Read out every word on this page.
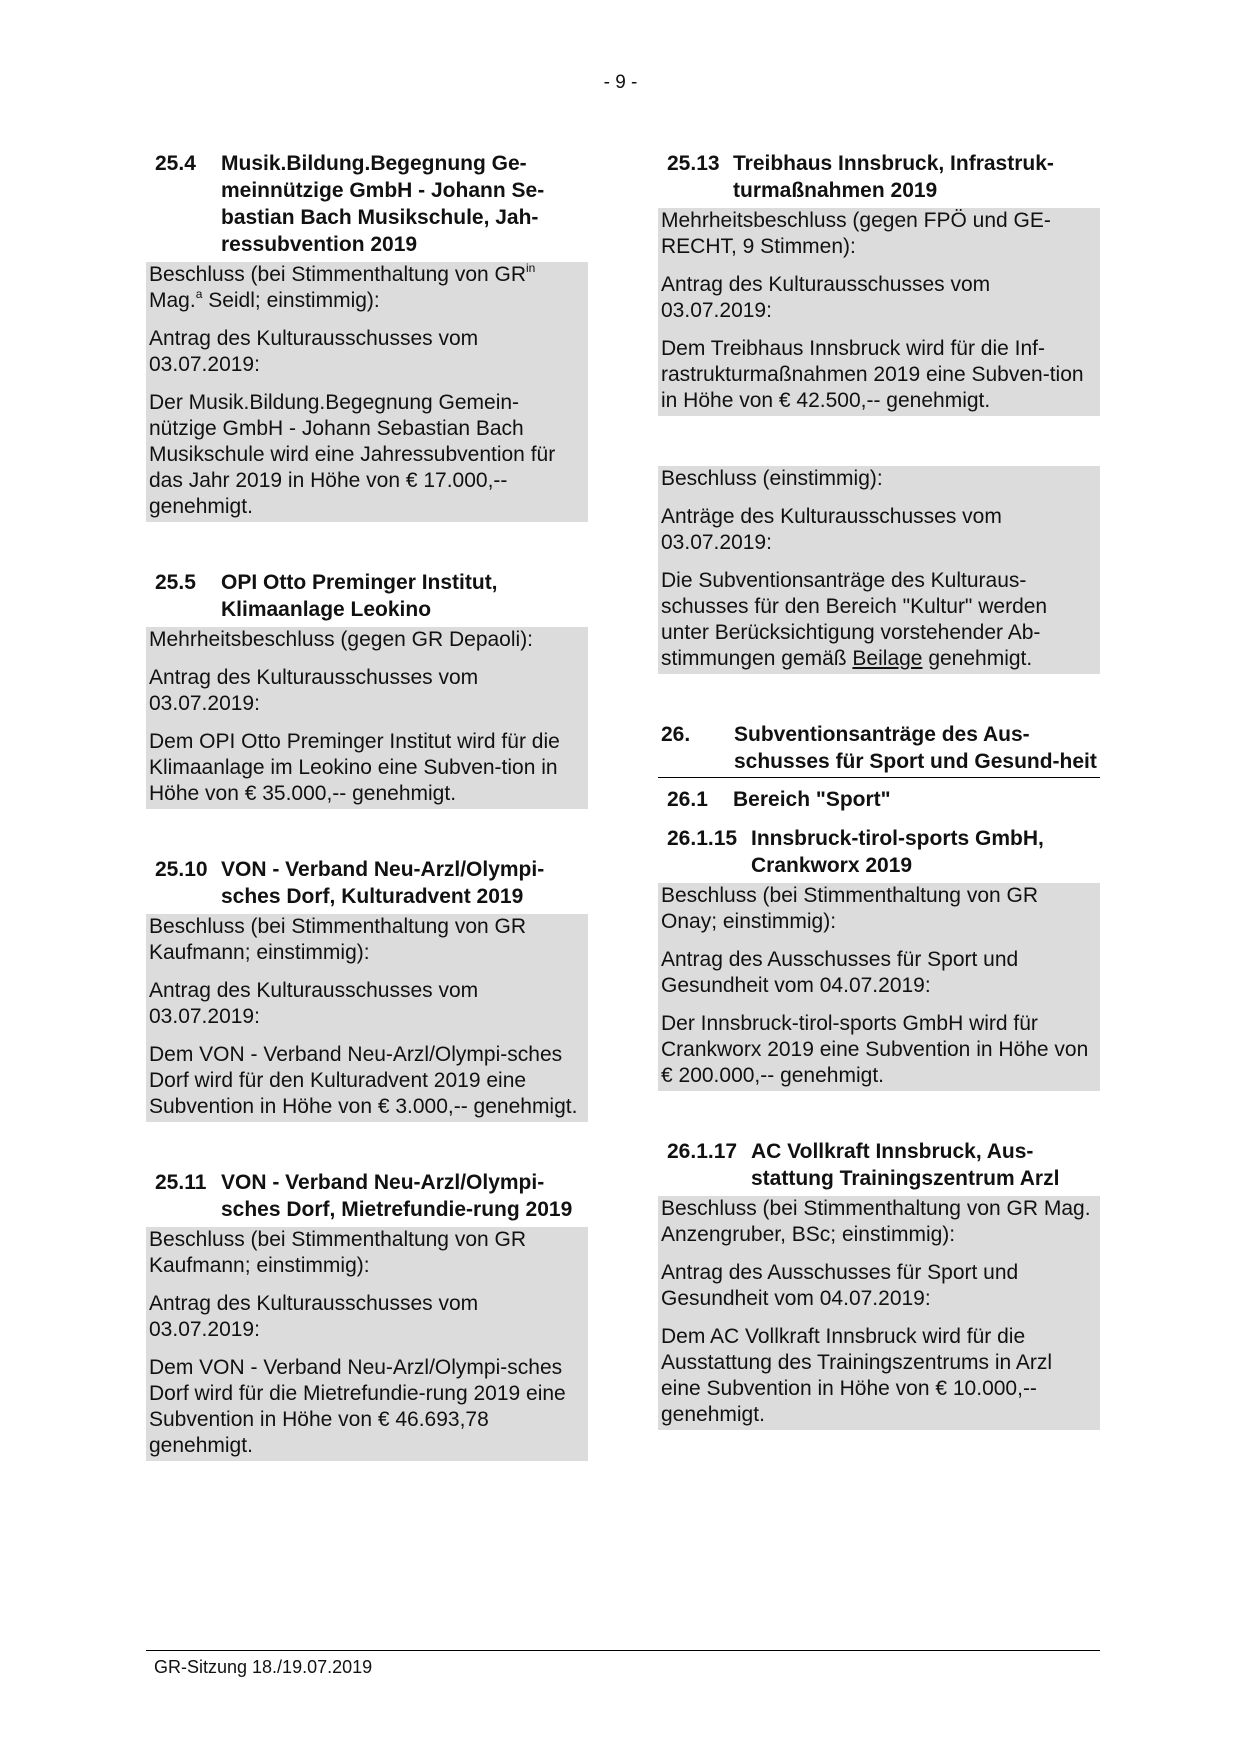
- 9 -
25.4	Musik.Bildung.Begegnung Ge-meinnützige GmbH - Johann Se-bastian Bach Musikschule, Jah-ressubvention 2019

Beschluss (bei Stimmenthaltung von $GR^{in}$
Mag.$^a$ Seidl; einstimmig):

Antrag des Kulturausschusses vom 03.07.2019:

Der Musik.Bildung.Begegnung Gemein-nützige GmbH - Johann Sebastian Bach Musikschule wird eine Jahressubvention für das Jahr 2019 in Höhe von € 17.000,-- genehmigt.

25.5	OPI Otto Preminger Institut, Klimaanlage Leokino

Mehrheitsbeschluss (gegen GR Depaoli):

Antrag des Kulturausschusses vom 03.07.2019:

Dem OPI Otto Preminger Institut wird für die Klimaanlage im Leokino eine Subven-tion in Höhe von € 35.000,-- genehmigt.

25.10 VON - Verband Neu-Arzl/Olympi-sches Dorf, Kulturadvent 2019

Beschluss (bei Stimmenthaltung von GR Kaufmann; einstimmig):

Antrag des Kulturausschusses vom 03.07.2019:

Dem VON - Verband Neu-Arzl/Olympi-sches Dorf wird für den Kulturadvent 2019 eine Subvention in Höhe von € 3.000,-- genehmigt.

25.11 VON - Verband Neu-Arzl/Olympi-sches Dorf, Mietrefundie-rung 2019

Beschluss (bei Stimmenthaltung von GR Kaufmann; einstimmig):

Antrag des Kulturausschusses vom 03.07.2019:

Dem VON - Verband Neu-Arzl/Olympi-sches Dorf wird für die Mietrefundie-rung 2019 eine Subvention in Höhe von € 46.693,78 genehmigt.

25.13 Treibhaus Innsbruck, Infrastruk-turmaßnahmen 2019

Mehrheitsbeschluss (gegen FPÖ und GE-RECHT, 9 Stimmen):

Antrag des Kulturausschusses vom 03.07.2019:

Dem Treibhaus Innsbruck wird für die Inf-rastrukturmaßnahmen 2019 eine Subven-tion in Höhe von € 42.500,-- genehmigt.

Beschluss (einstimmig):

Anträge des Kulturausschusses vom 03.07.2019:

Die Subventionsanträge des Kulturaus-schusses für den Bereich "Kultur" werden unter Berücksichtigung vorstehender Ab-stimmungen gemäß Beilage genehmigt.

26.	Subventionsanträge des Aus-schusses für Sport und Gesund-heit
26.1	Bereich "Sport"
26.1.15 Innsbruck-tirol-sports GmbH, Crankworx 2019

Beschluss (bei Stimmenthaltung von GR Onay; einstimmig):

Antrag des Ausschusses für Sport und Gesundheit vom 04.07.2019:

Der Innsbruck-tirol-sports GmbH wird für Crankworx 2019 eine Subvention in Höhe von € 200.000,-- genehmigt.

26.1.17 AC Vollkraft Innsbruck, Aus-stattung Trainingszentrum Arzl

Beschluss (bei Stimmenthaltung von GR Mag. Anzengruber, BSc; einstimmig):

Antrag des Ausschusses für Sport und Gesundheit vom 04.07.2019:

Dem AC Vollkraft Innsbruck wird für die Ausstattung des Trainingszentrums in Arzl eine Subvention in Höhe von € 10.000,-- genehmigt.

GR-Sitzung 18./19.07.2019
